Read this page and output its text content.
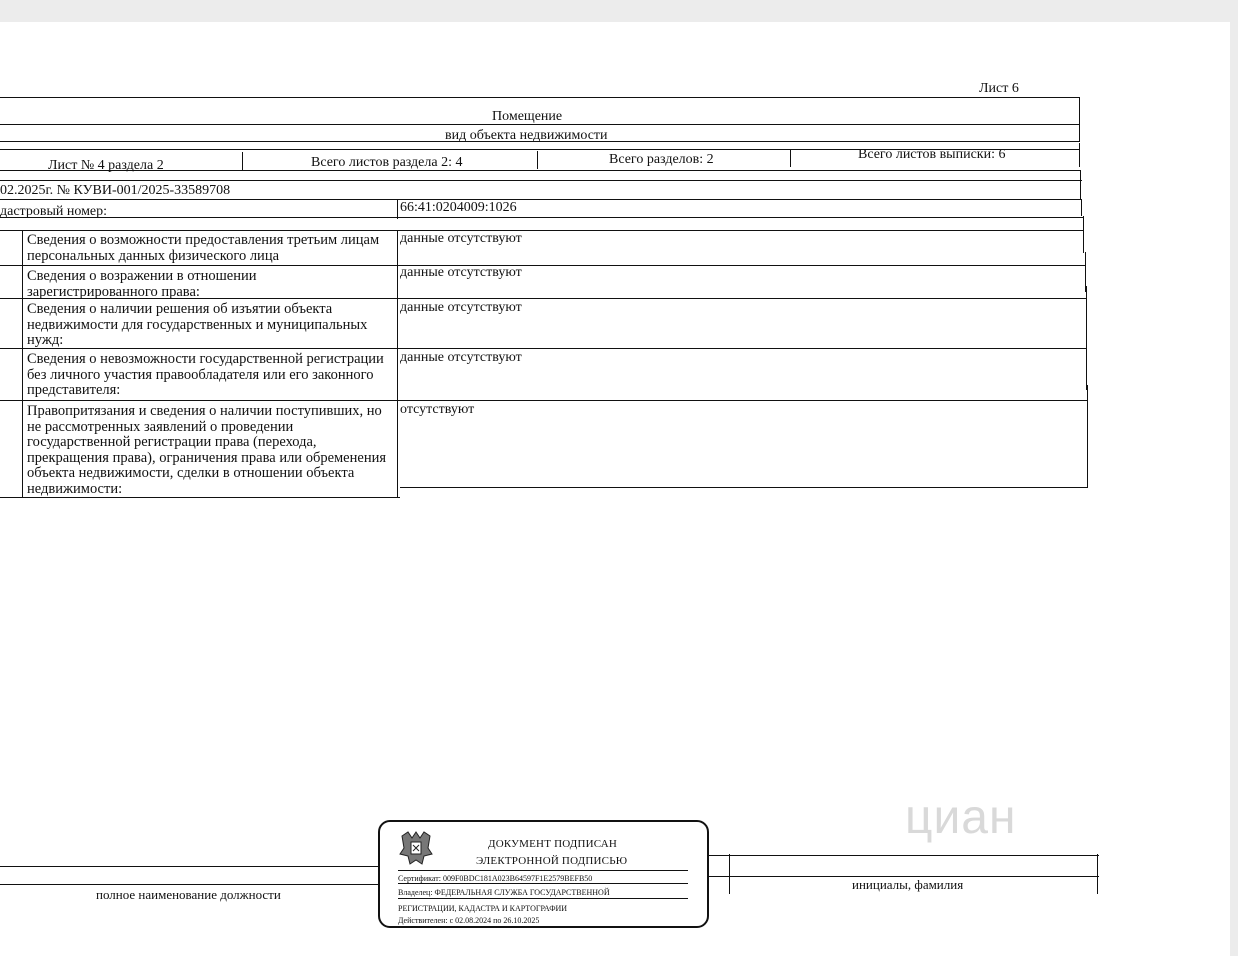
Лист 6
Помещение
вид объекта недвижимости
Лист № 4 раздела 2	Всего листов раздела 2: 4	Всего разделов: 2	Всего листов выписки: 6
02.2025г. № КУВИ-001/2025-33589708
дастровый номер:	66:41:0204009:1026
Сведения о возможности предоставления третьим лицам персональных данных физического лица
данные отсутствуют
Сведения о возражении в отношении зарегистрированного права:
данные отсутствуют
Сведения о наличии решения об изъятии объекта недвижимости для государственных и муниципальных нужд:
данные отсутствуют
Сведения о невозможности государственной регистрации без личного участия правообладателя или его законного представителя:
данные отсутствуют
Правопритязания и сведения о наличии поступивших, но не рассмотренных заявлений о проведении государственной регистрации права (перехода, прекращения права), ограничения права или обременения объекта недвижимости, сделки в отношении объекта недвижимости:
отсутствуют
циан
полное наименование должности
инициалы, фамилия
ДОКУМЕНТ ПОДПИСАН
ЭЛЕКТРОННОЙ ПОДПИСЬЮ
Сертификат: 009F0BDC181A023B64597F1E2579BEFB50
Владелец: ФЕДЕРАЛЬНАЯ СЛУЖБА ГОСУДАРСТВЕННОЙ
РЕГИСТРАЦИИ, КАДАСТРА И КАРТОГРАФИИ
Действителен: с 02.08.2024 по 26.10.2025
